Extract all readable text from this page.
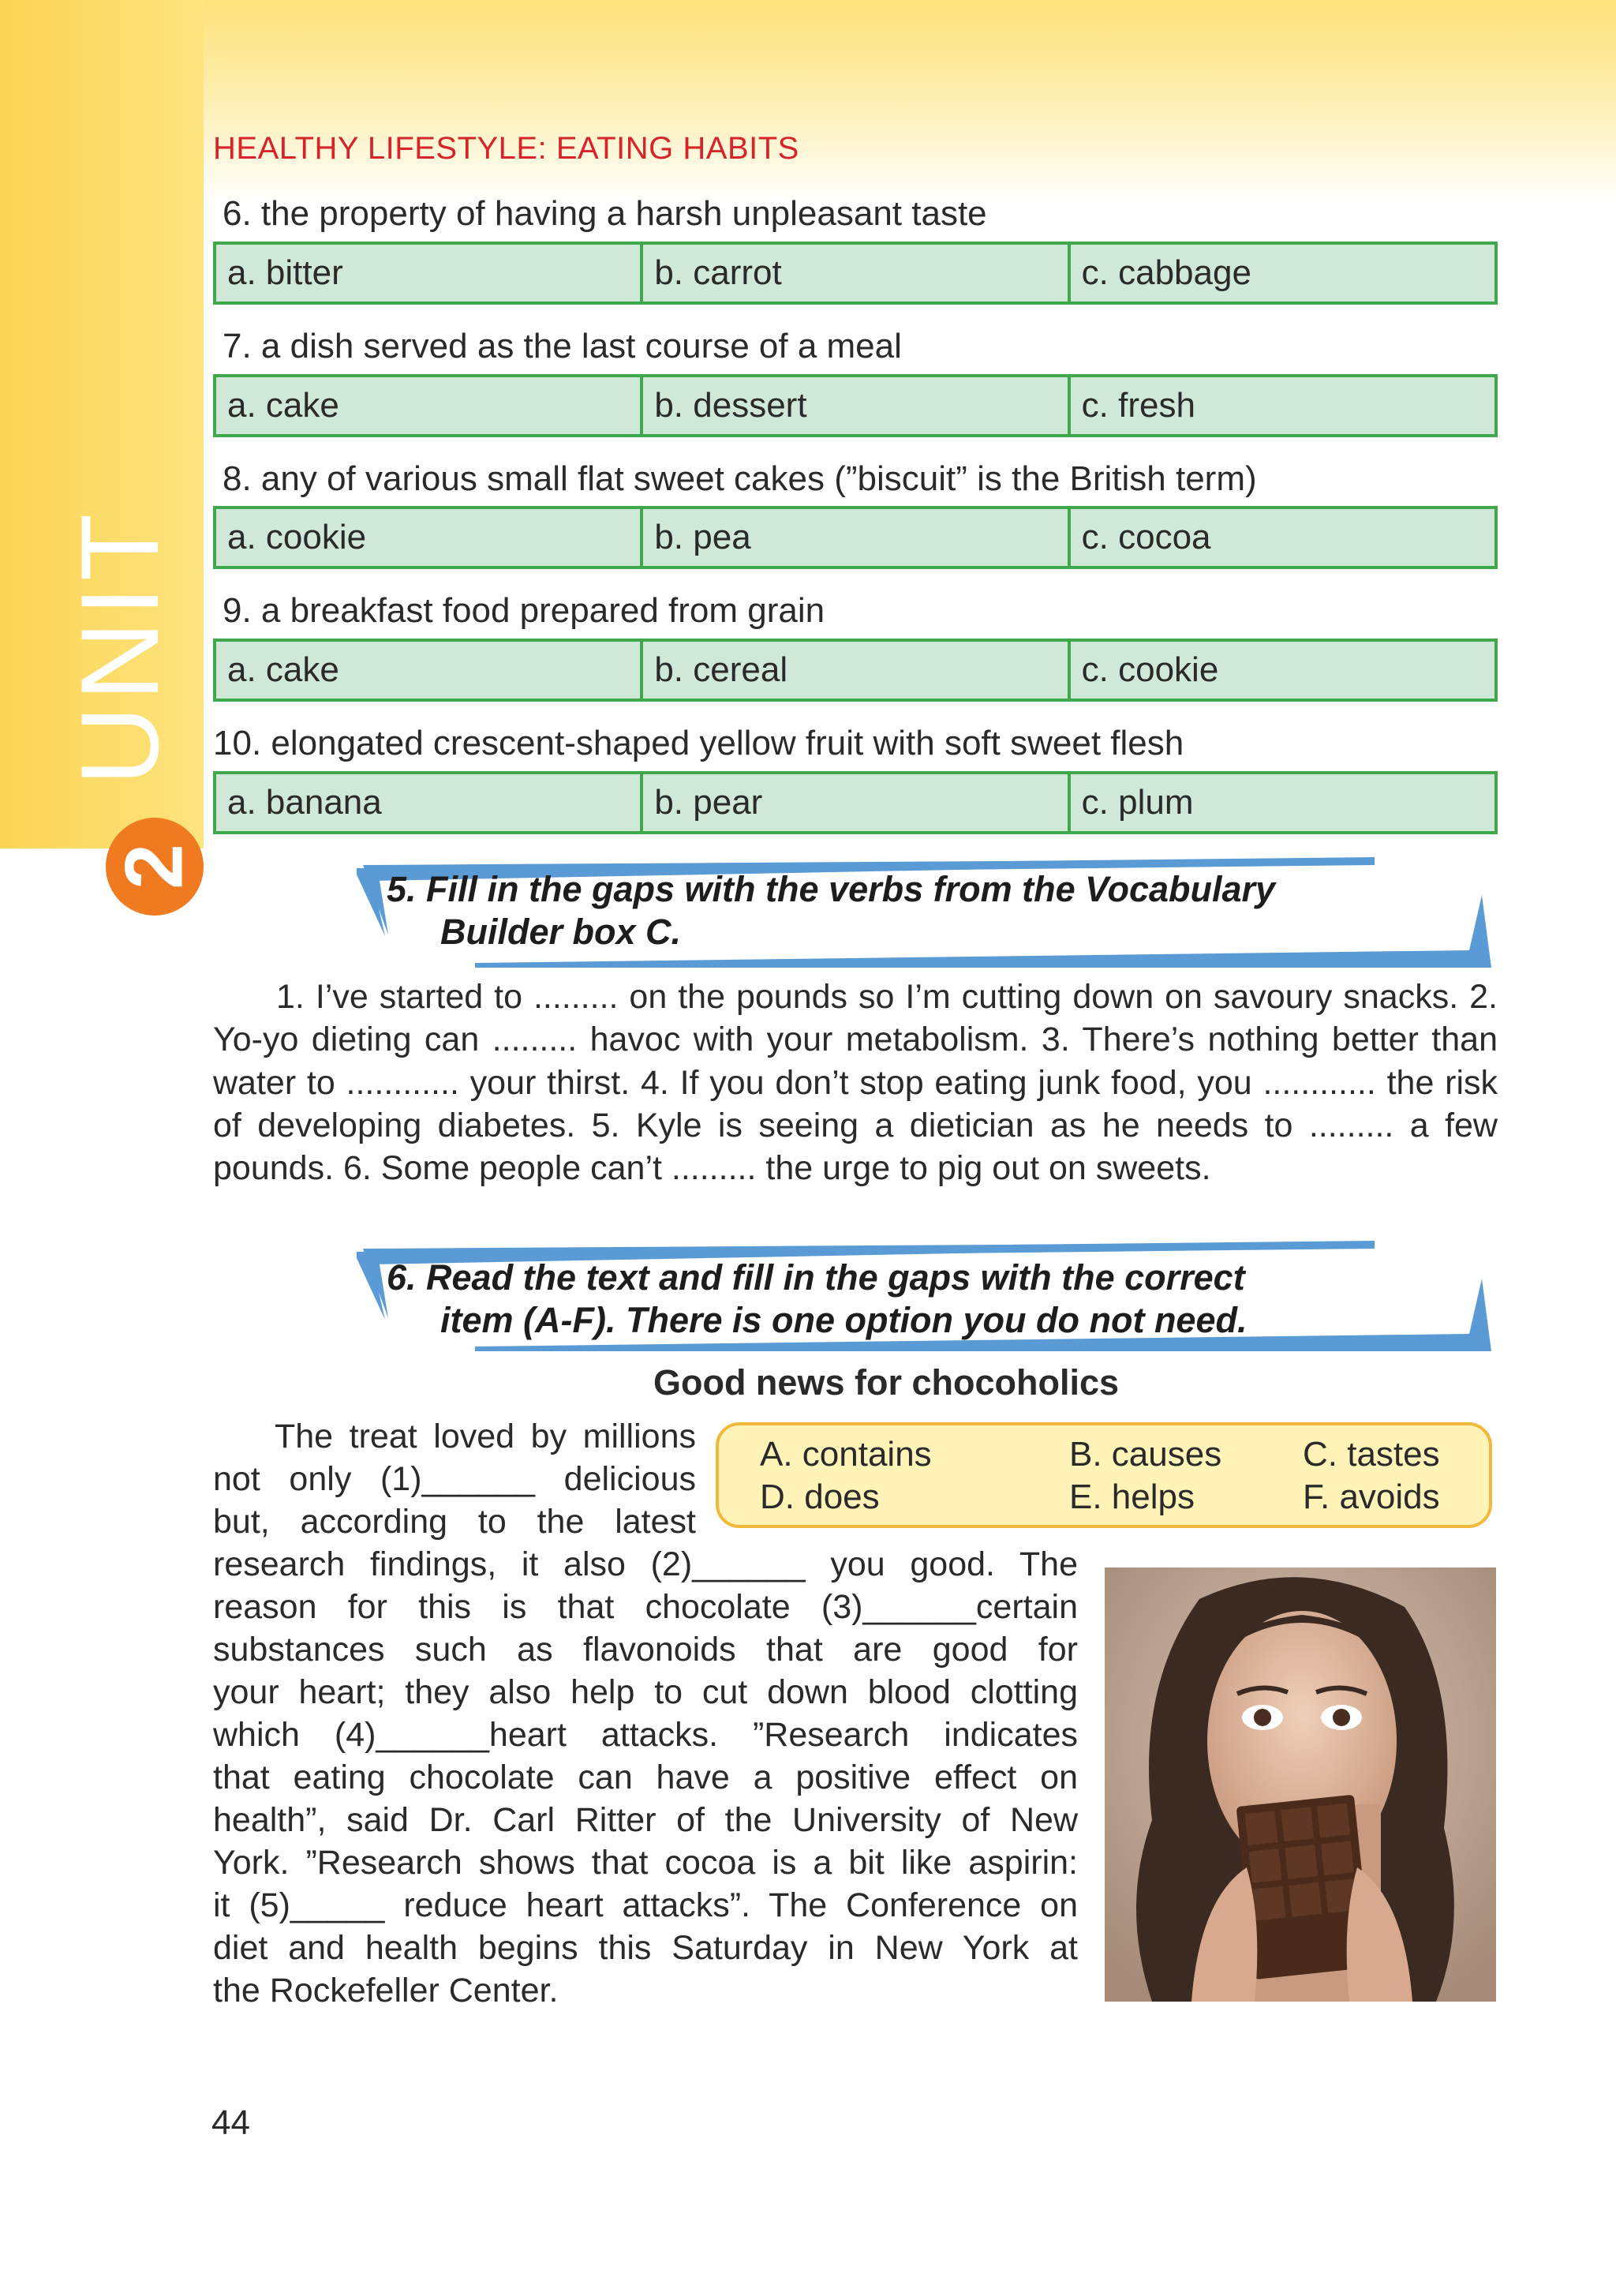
UNIT
2
HEALTHY LIFESTYLE: EATING HABITS
6. the property of having a harsh unpleasant taste
a. bitter	b. carrot	c. cabbage
7. a dish served as the last course of a meal
a. cake	b. dessert	c. fresh
8. any of various small flat sweet cakes (”biscuit” is the British term)
a. cookie	b. pea	c. cocoa
9. a breakfast food prepared from grain
a. cake	b. cereal	c. cookie
10. elongated crescent-shaped yellow fruit with soft sweet flesh
a. banana	b. pear	c. plum
5. Fill in the gaps with the verbs from the Vocabulary
Builder box C.
1. I’ve started to ......... on the pounds so I’m cutting down on savoury snacks. 2. Yo-yo dieting can ......... havoc with your metabolism. 3. There’s nothing better than water to ............ your thirst. 4. If you don’t stop eating junk food, you ............ the risk of developing diabetes. 5. Kyle is seeing a dietician as he needs to ......... a few pounds. 6. Some people can’t ......... the urge to pig out on sweets.
6. Read the text and fill in the gaps with the correct
item (A-F). There is one option you do not need.
Good news for chocoholics
A. contains	B. causes C. tastes
D. does	E. helps	F. avoids
The treat loved by millions
not only (1)______ delicious
but, according to the latest
research findings, it also (2)______ you good. The
reason for this is that chocolate (3)______certain
substances such as flavonoids that are good for
your heart; they also help to cut down blood clotting
which (4)______heart attacks. ”Research indicates
that eating chocolate can have a positive effect on
health”, said Dr. Carl Ritter of the University of New
York. ”Research shows that cocoa is a bit like aspirin:
it (5)_____ reduce heart attacks”. The Conference on
diet and health begins this Saturday in New York at
the Rockefeller Center.
44
